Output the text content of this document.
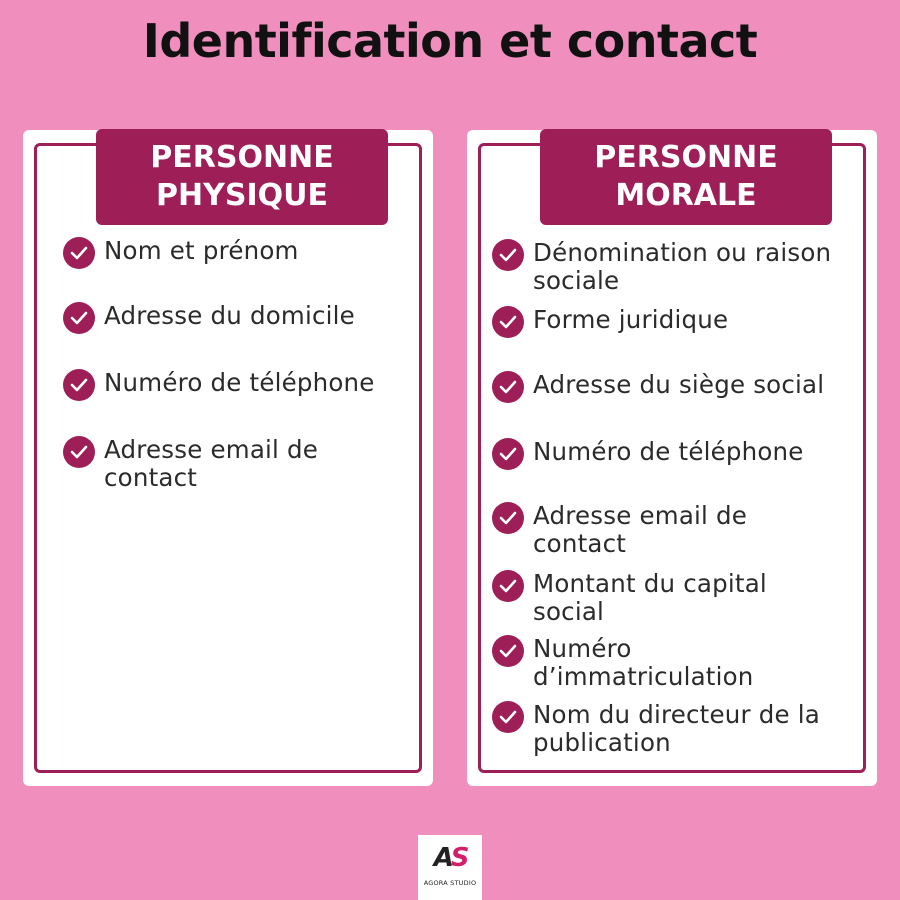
Identification et contact
PERSONNE
PHYSIQUE
Nom et prénom
Adresse du domicile
Numéro de téléphone
Adresse email de contact
PERSONNE
MORALE
Dénomination ou raison sociale
Forme juridique
Adresse du siège social
Numéro de téléphone
Adresse email de contact
Montant du capital social
Numéro d’immatriculation
Nom du directeur de la publication
AS
AGORA STUDIO
